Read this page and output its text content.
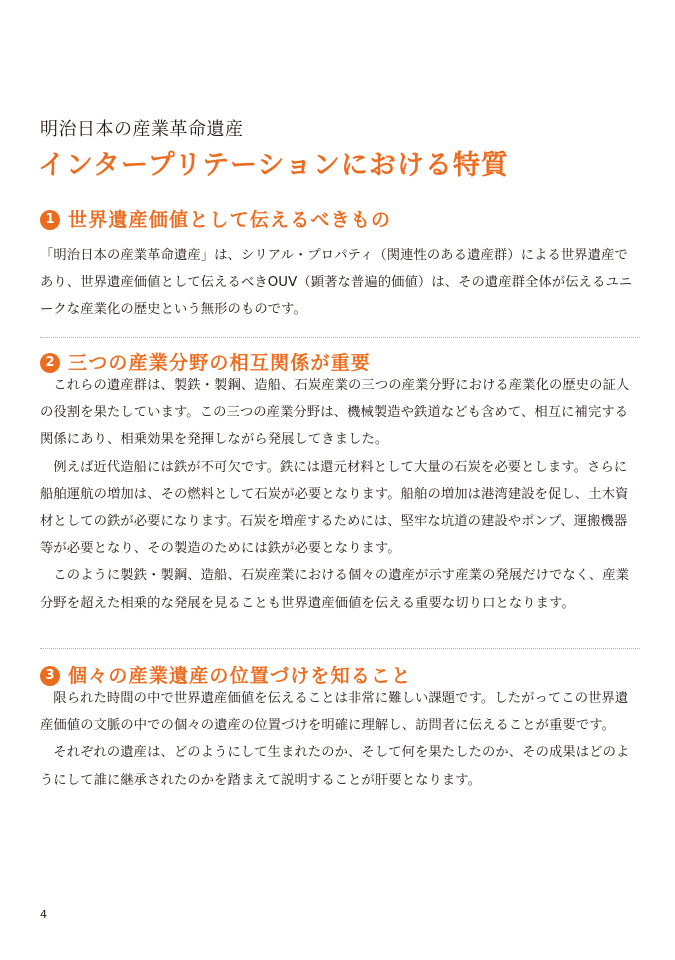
明治日本の産業革命遺産
インタープリテーションにおける特質
1 世界遺産価値として伝えるべきもの

「明治日本の産業革命遺産」は、シリアル・プロパティ（関連性のある遺産群）による世界遺産であり、世界遺産価値として伝えるべきOUV（顕著な普遍的価値）は、その遺産群全体が伝えるユニークな産業化の歴史という無形のものです。

2 三つの産業分野の相互関係が重要

これらの遺産群は、製鉄・製鋼、造船、石炭産業の三つの産業分野における産業化の歴史の証人の役割を果たしています。この三つの産業分野は、機械製造や鉄道なども含めて、相互に補完する関係にあり、相乗効果を発揮しながら発展してきました。

例えば近代造船には鉄が不可欠です。鉄には還元材料として大量の石炭を必要とします。さらに船舶運航の増加は、その燃料として石炭が必要となります。船舶の増加は港湾建設を促し、土木資材としての鉄が必要になります。石炭を増産するためには、堅牢な坑道の建設やポンプ、運搬機器等が必要となり、その製造のためには鉄が必要となります。

このように製鉄・製鋼、造船、石炭産業における個々の遺産が示す産業の発展だけでなく、産業分野を超えた相乗的な発展を見ることも世界遺産価値を伝える重要な切り口となります。

3 個々の産業遺産の位置づけを知ること

限られた時間の中で世界遺産価値を伝えることは非常に難しい課題です。したがってこの世界遺産価値の文脈の中での個々の遺産の位置づけを明確に理解し、訪問者に伝えることが重要です。

それぞれの遺産は、どのようにして生まれたのか、そして何を果たしたのか、その成果はどのようにして誰に継承されたのかを踏まえて説明することが肝要となります。

4
